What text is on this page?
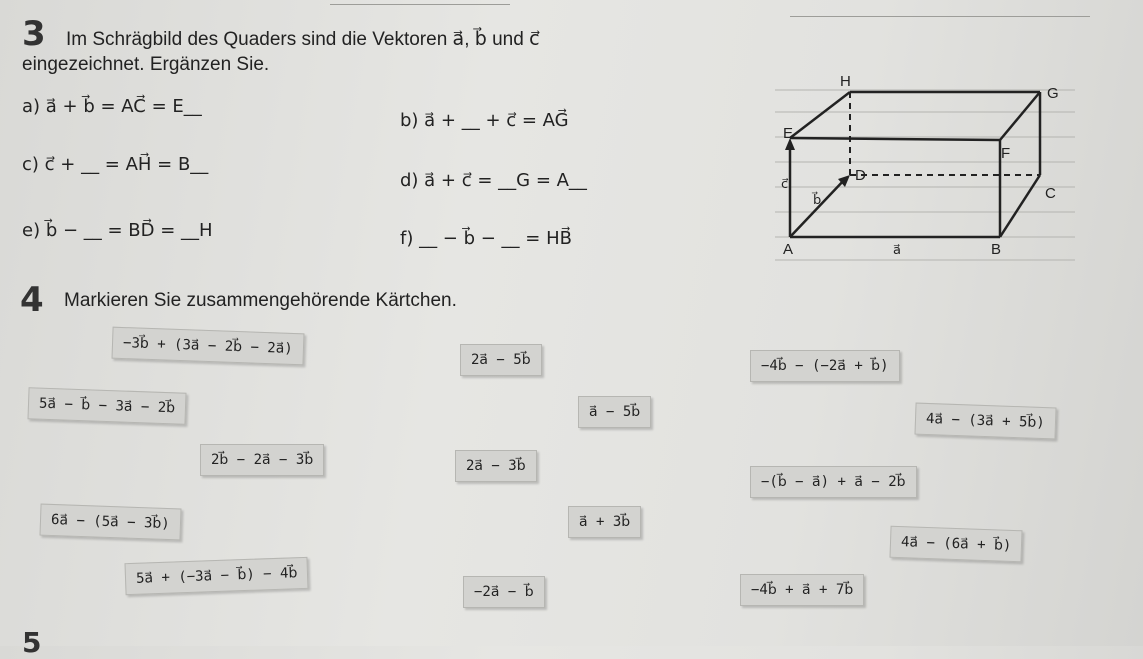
3 Im Schrägbild des Quaders sind die Vektoren a⃗, b⃗ und c⃗
eingezeichnet. Ergänzen Sie.
a) a⃗ + b⃗ = AC⃗ = E__
b) a⃗ + __ + c⃗ = AG⃗
c) c⃗ + __ = AH⃗ = B__
d) a⃗ + c⃗ = __G = A__
e) b⃗ − __ = BD⃗ = __H	f) __ − b⃗ − __ = HB⃗
A	B
C
D
E
F
G
H
a⃗
b⃗
c⃗
4 Markieren Sie zusammengehörende Kärtchen.
−3b⃗ + (3a⃗ − 2b⃗ − 2a⃗)
2a⃗ − 5b⃗	−4b⃗ − (−2a⃗ + b⃗)
5a⃗ − b⃗ − 3a⃗ − 2b⃗	a⃗ − 5b⃗	4a⃗ − (3a⃗ + 5b⃗)
2b⃗ − 2a⃗ − 3b⃗	2a⃗ − 3b⃗
−(b⃗ − a⃗) + a⃗ − 2b⃗
6a⃗ − (5a⃗ − 3b⃗)	a⃗ + 3b⃗
4a⃗ − (6a⃗ + b⃗)
5a⃗ + (−3a⃗ − b⃗) − 4b⃗
−2a⃗ − b⃗	−4b⃗ + a⃗ + 7b⃗
5
